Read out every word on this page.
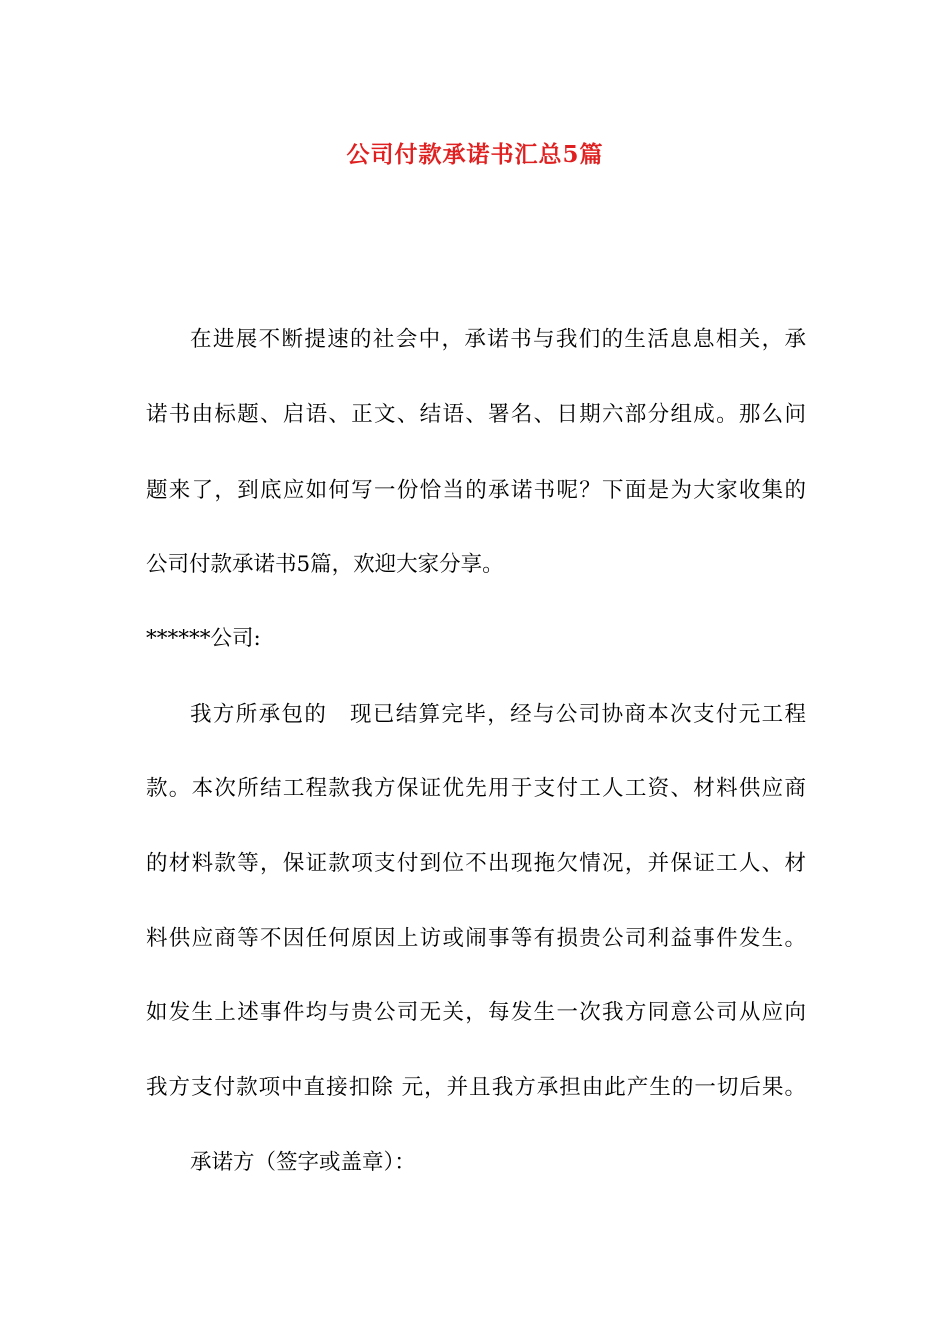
公司付款承诺书汇总5篇
在进展不断提速的社会中，承诺书与我们的生活息息相关，承
诺书由标题、启语、正文、结语、署名、日期六部分组成。那么问
题来了，到底应如何写一份恰当的承诺书呢？下面是为大家收集的
公司付款承诺书5篇，欢迎大家分享。
******公司:
我方所承包的　现已结算完毕，经与公司协商本次支付元工程
款。本次所结工程款我方保证优先用于支付工人工资、材料供应商
的材料款等，保证款项支付到位不出现拖欠情况，并保证工人、材
料供应商等不因任何原因上访或闹事等有损贵公司利益事件发生。
如发生上述事件均与贵公司无关，每发生一次我方同意公司从应向
我方支付款项中直接扣除 元，并且我方承担由此产生的一切后果。
承诺方（签字或盖章）：
